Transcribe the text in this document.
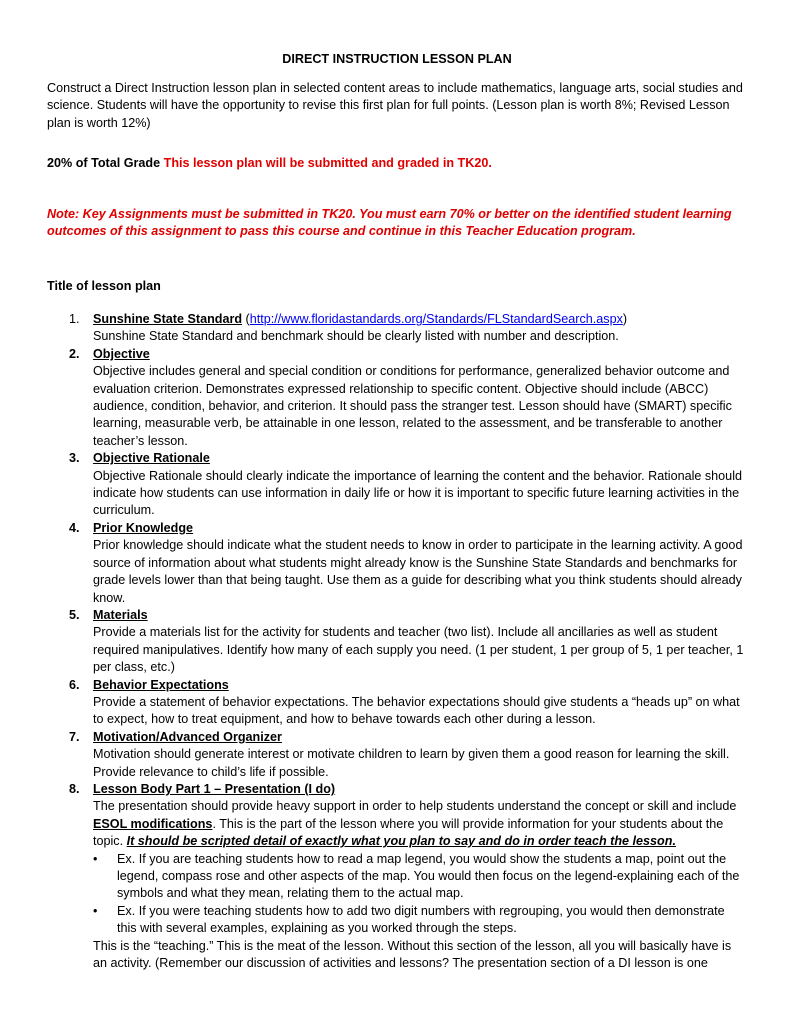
DIRECT INSTRUCTION LESSON PLAN
Construct a Direct Instruction lesson plan in selected content areas to include mathematics, language arts, social studies and science. Students will have the opportunity to revise this first plan for full points. (Lesson plan is worth 8%; Revised Lesson plan is worth 12%)
20% of Total Grade This lesson plan will be submitted and graded in TK20.
Note: Key Assignments must be submitted in TK20. You must earn 70% or better on the identified student learning outcomes of this assignment to pass this course and continue in this Teacher Education program.
Title of lesson plan
1. Sunshine State Standard (http://www.floridastandards.org/Standards/FLStandardSearch.aspx)
Sunshine State Standard and benchmark should be clearly listed with number and description.
2. Objective
Objective includes general and special condition or conditions for performance, generalized behavior outcome and evaluation criterion. Demonstrates expressed relationship to specific content. Objective should include (ABCC) audience, condition, behavior, and criterion. It should pass the stranger test. Lesson should have (SMART) specific learning, measurable verb, be attainable in one lesson, related to the assessment, and be transferable to another teacher’s lesson.
3. Objective Rationale
Objective Rationale should clearly indicate the importance of learning the content and the behavior. Rationale should indicate how students can use information in daily life or how it is important to specific future learning activities in the curriculum.
4. Prior Knowledge
Prior knowledge should indicate what the student needs to know in order to participate in the learning activity. A good source of information about what students might already know is the Sunshine State Standards and benchmarks for grade levels lower than that being taught. Use them as a guide for describing what you think students should already know.
5. Materials
Provide a materials list for the activity for students and teacher (two list). Include all ancillaries as well as student required manipulatives. Identify how many of each supply you need. (1 per student, 1 per group of 5, 1 per teacher, 1 per class, etc.)
6. Behavior Expectations
Provide a statement of behavior expectations. The behavior expectations should give students a “heads up” on what to expect, how to treat equipment, and how to behave towards each other during a lesson.
7. Motivation/Advanced Organizer
Motivation should generate interest or motivate children to learn by given them a good reason for learning the skill. Provide relevance to child’s life if possible.
8. Lesson Body Part 1 – Presentation (I do)
The presentation should provide heavy support in order to help students understand the concept or skill and include ESOL modifications. This is the part of the lesson where you will provide information for your students about the topic. It should be scripted detail of exactly what you plan to say and do in order teach the lesson.
• Ex. If you are teaching students how to read a map legend, you would show the students a map, point out the legend, compass rose and other aspects of the map. You would then focus on the legend-explaining each of the symbols and what they mean, relating them to the actual map.
• Ex. If you were teaching students how to add two digit numbers with regrouping, you would then demonstrate this with several examples, explaining as you worked through the steps.
This is the “teaching.” This is the meat of the lesson. Without this section of the lesson, all you will basically have is an activity. (Remember our discussion of activities and lessons? The presentation section of a DI lesson is one
